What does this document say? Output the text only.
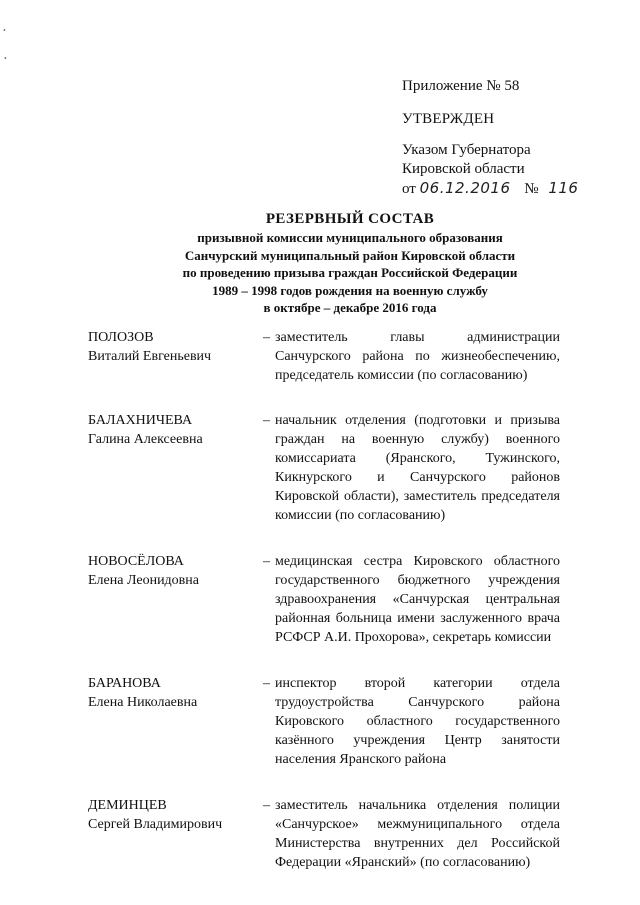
•
•
Приложение № 58
УТВЕРЖДЕН
Указом Губернатора
Кировской области
от 06.12.2016 № 116
РЕЗЕРВНЫЙ СОСТАВ
призывной комиссии муниципального образования
Санчурский муниципальный район Кировской области
по проведению призыва граждан Российской Федерации
1989 – 1998 годов рождения на военную службу
в октябре – декабре 2016 года
ПОЛОЗОВ
Виталий Евгеньевич
– заместитель главы администрации Санчурского района по жизнеобеспечению, председатель комиссии (по согласованию)
БАЛАХНИЧЕВА
Галина Алексеевна
– начальник отделения (подготовки и призыва граждан на военную службу) военного комиссариата (Яранского, Тужинского, Кикнурского и Санчурского районов Кировской области), заместитель председателя комиссии (по согласованию)
НОВОСЁЛОВА
Елена Леонидовна
– медицинская сестра Кировского областного государственного бюджетного учреждения здравоохранения «Санчурская центральная районная больница имени заслуженного врача РСФСР А.И. Прохорова», секретарь комиссии
БАРАНОВА
Елена Николаевна
– инспектор второй категории отдела трудоустройства Санчурского района Кировского областного государственного казённого учреждения Центр занятости населения Яранского района
ДЕМИНЦЕВ
Сергей Владимирович
– заместитель начальника отделения полиции «Санчурское» межмуниципального отдела Министерства внутренних дел Российской Федерации «Яранский» (по согласованию)
